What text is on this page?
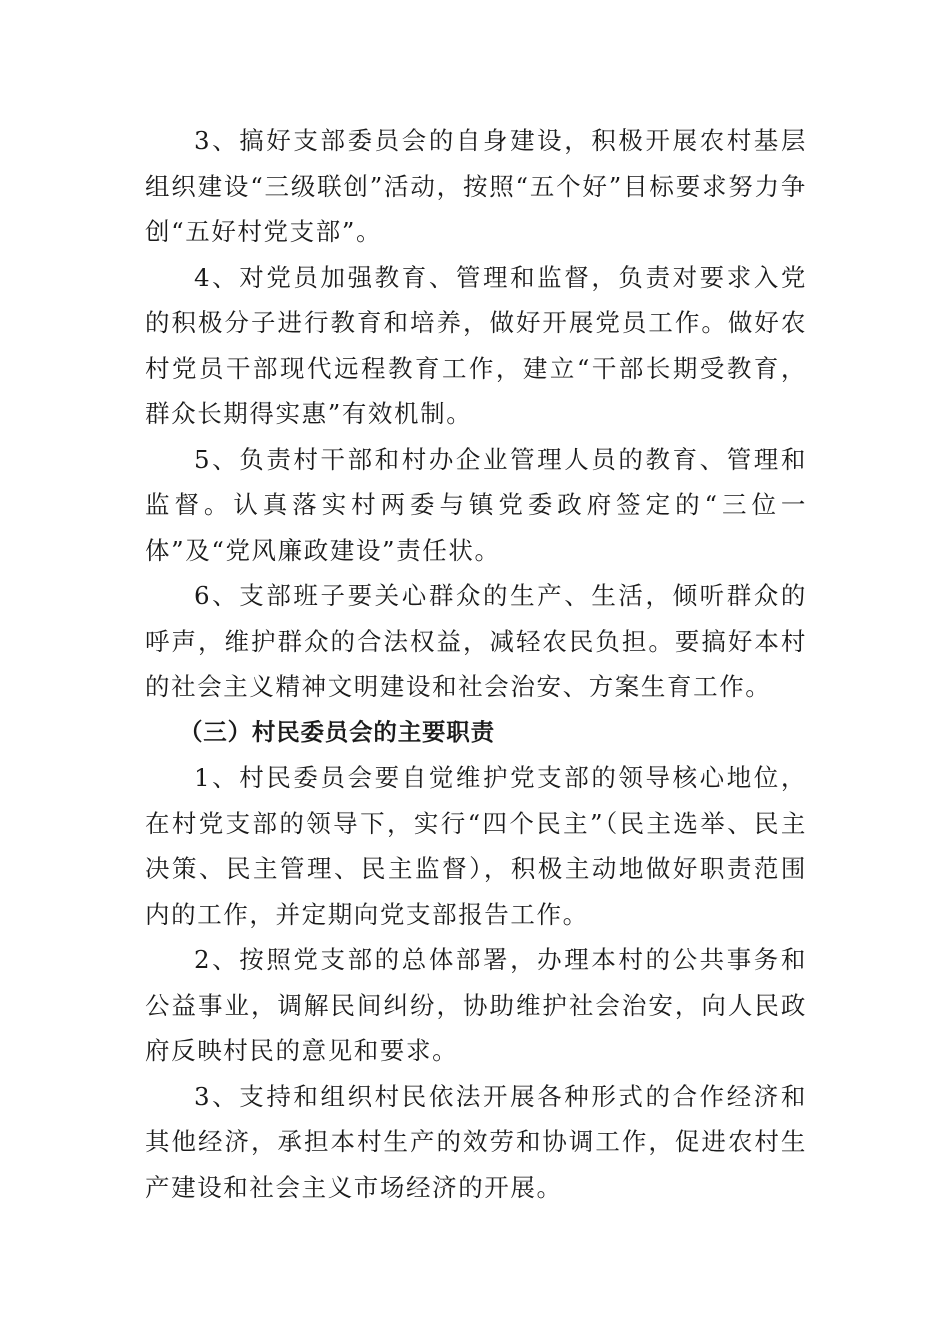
3、搞好支部委员会的自身建设，积极开展农村基层组织建设“三级联创”活动，按照“五个好”目标要求努力争创“五好村党支部”。

4、对党员加强教育、管理和监督，负责对要求入党的积极分子进行教育和培养，做好开展党员工作。做好农村党员干部现代远程教育工作，建立“干部长期受教育，群众长期得实惠”有效机制。

5、负责村干部和村办企业管理人员的教育、管理和监督。认真落实村两委与镇党委政府签定的“三位一体”及“党风廉政建设”责任状。

6、支部班子要关心群众的生产、生活，倾听群众的呼声，维护群众的合法权益，减轻农民负担。要搞好本村的社会主义精神文明建设和社会治安、方案生育工作。

（三）村民委员会的主要职责

1、村民委员会要自觉维护党支部的领导核心地位，在村党支部的领导下，实行“四个民主”（民主选举、民主决策、民主管理、民主监督），积极主动地做好职责范围内的工作，并定期向党支部报告工作。

2、按照党支部的总体部署，办理本村的公共事务和公益事业，调解民间纠纷，协助维护社会治安，向人民政府反映村民的意见和要求。

3、支持和组织村民依法开展各种形式的合作经济和其他经济，承担本村生产的效劳和协调工作，促进农村生产建设和社会主义市场经济的开展。
